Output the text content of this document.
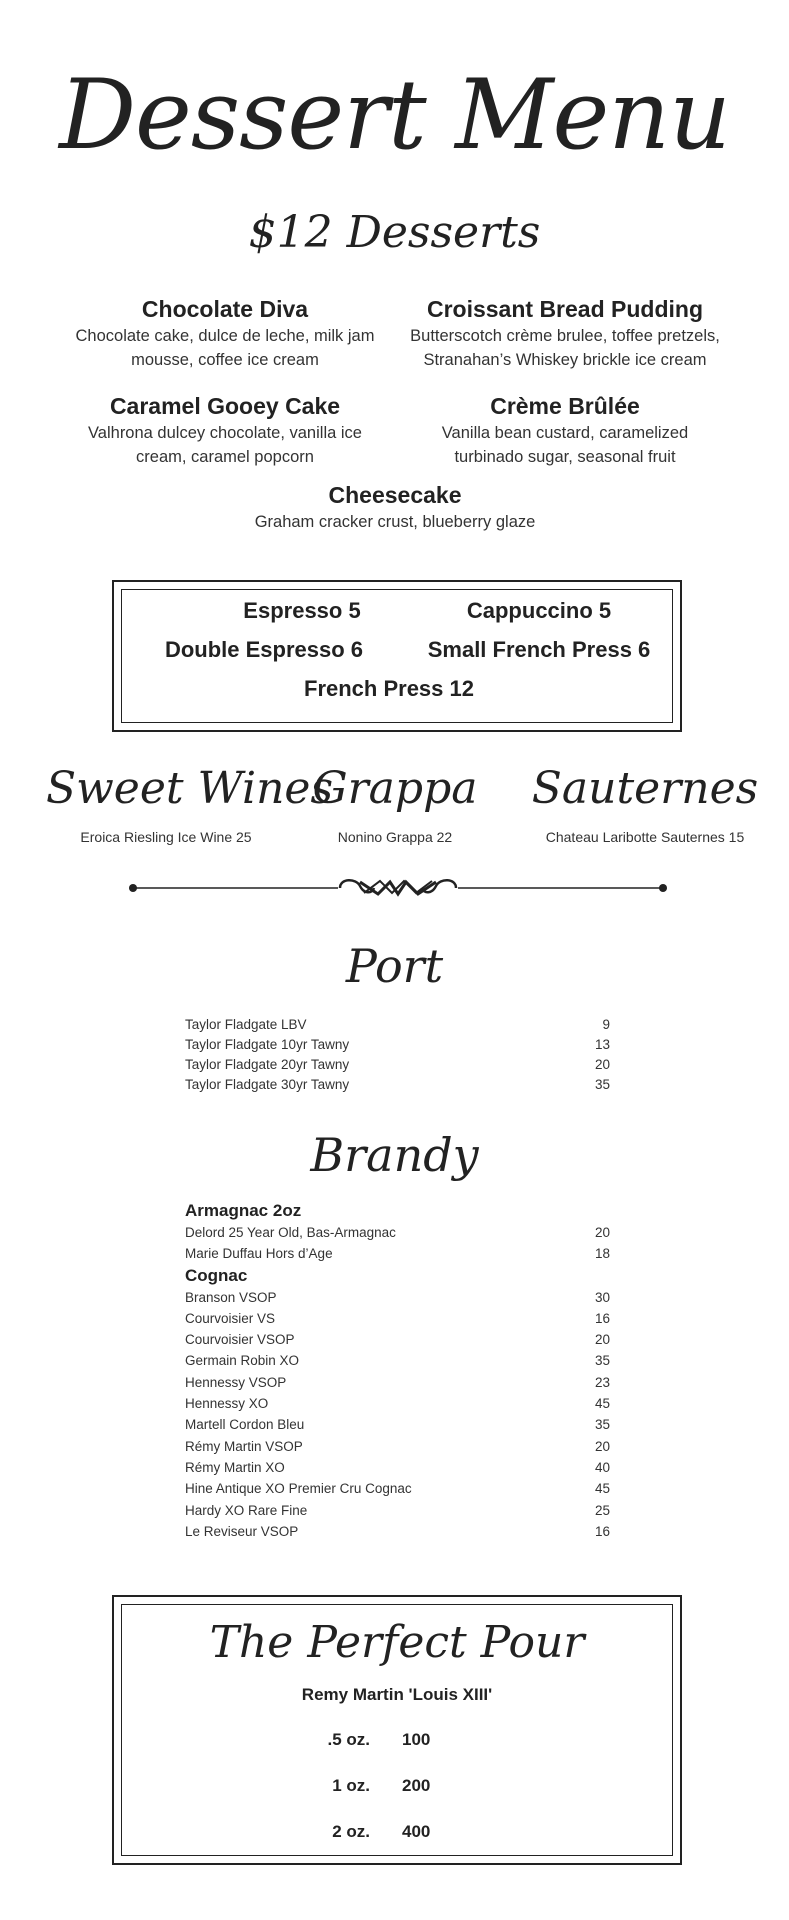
Dessert Menu
$12 Desserts
Chocolate Diva
Chocolate cake, dulce de leche, milk jam
mousse, coffee ice cream
Croissant Bread Pudding
Butterscotch crème brulee, toffee pretzels,
Stranahan’s Whiskey brickle ice cream
Caramel Gooey Cake
Valhrona dulcey chocolate, vanilla ice
cream, caramel popcorn
Crème Brûlée
Vanilla bean custard, caramelized
turbinado sugar, seasonal fruit
Cheesecake
Graham cracker crust, blueberry glaze
Espresso 5	Cappuccino 5
Double Espresso 6	Small French Press 6
French Press 12
Sweet Wines
Eroica Riesling Ice Wine 25
Grappa
Nonino Grappa 22
Sauternes
Chateau Laribotte Sauternes 15
Port
Taylor Fladgate LBV	9
Taylor Fladgate 10yr Tawny	13
Taylor Fladgate 20yr Tawny	20
Taylor Fladgate 30yr Tawny	35
Brandy
Armagnac 2oz
Delord 25 Year Old, Bas-Armagnac	20
Marie Duffau Hors d’Age	18
Cognac
Branson VSOP	30
Courvoisier VS	16
Courvoisier VSOP	20
Germain Robin XO	35
Hennessy VSOP	23
Hennessy XO	45
Martell Cordon Bleu	35
Rémy Martin VSOP	20
Rémy Martin XO	40
Hine Antique XO Premier Cru Cognac	45
Hardy XO Rare Fine	25
Le Reviseur VSOP	16
The Perfect Pour
Remy Martin 'Louis XIII'
.5 oz.	100
1 oz.	200
2 oz.	400
